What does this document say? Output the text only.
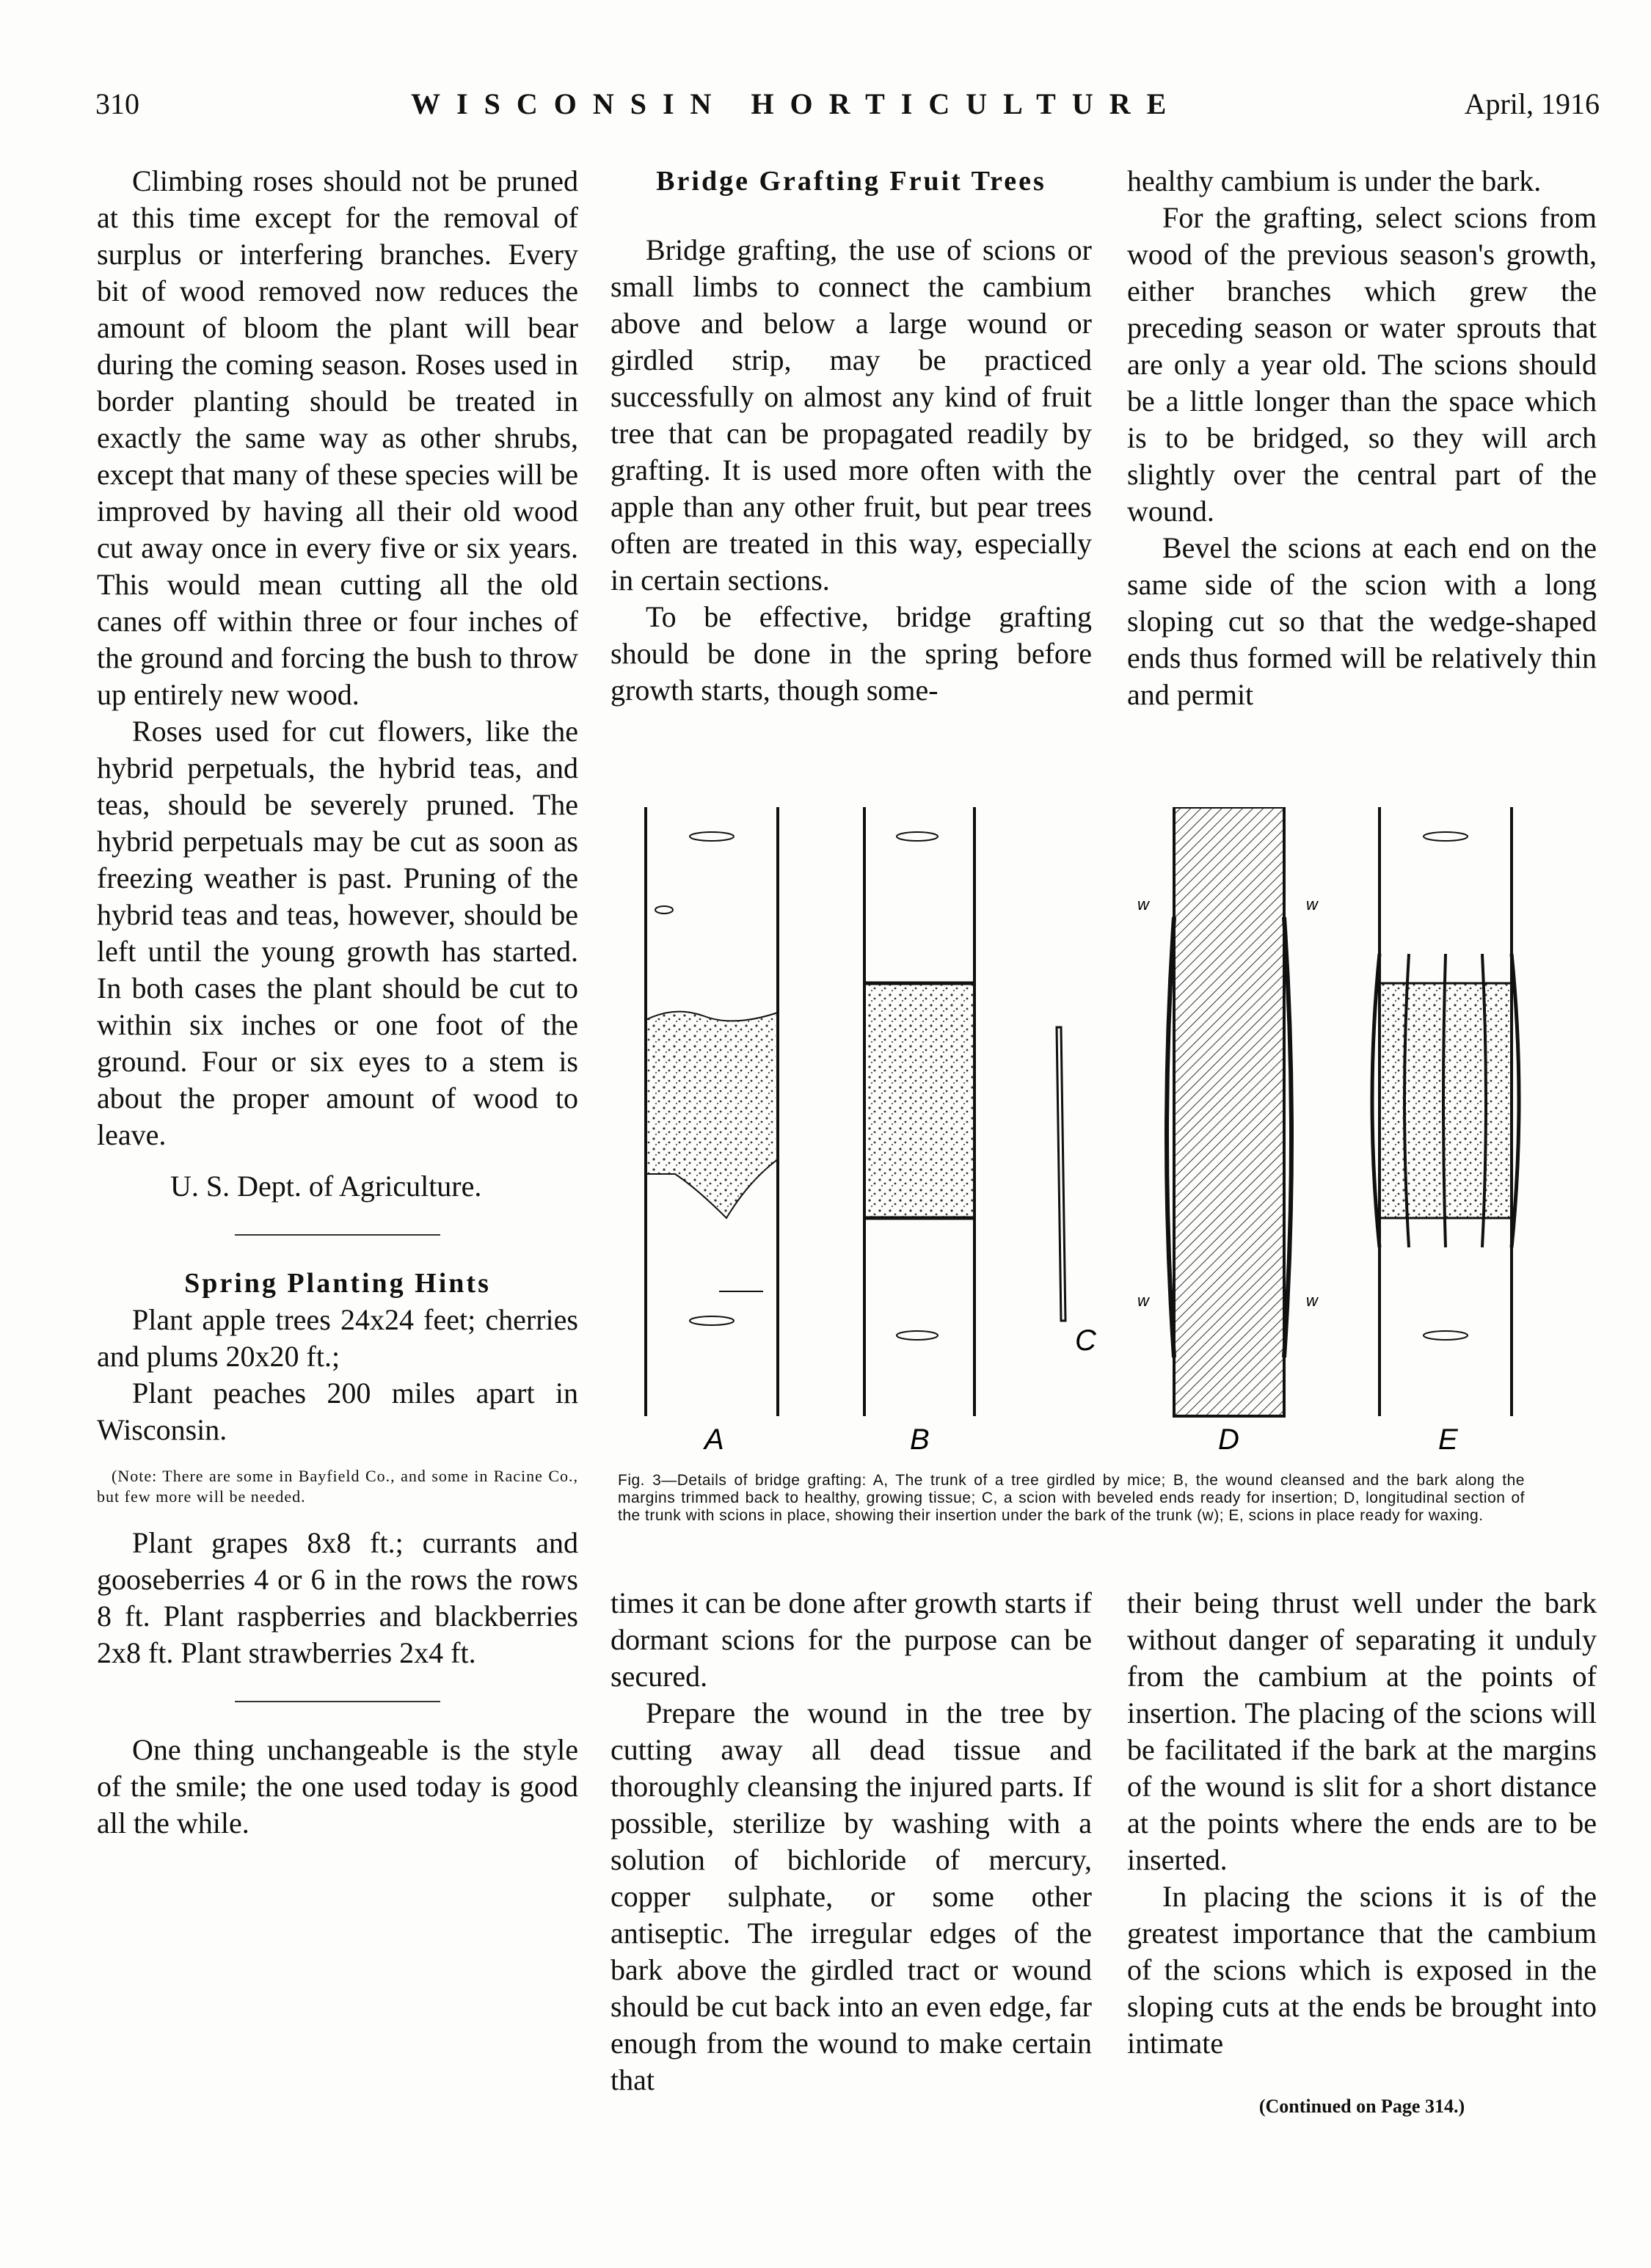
310	WISCONSIN HORTICULTURE	April, 1916

Climbing roses should not be pruned at this time except for the removal of surplus or interfering branches. Every bit of wood removed now reduces the amount of bloom the plant will bear during the coming season. Roses used in border planting should be treated in exactly the same way as other shrubs, except that many of these species will be improved by having all their old wood cut away once in every five or six years. This would mean cutting all the old canes off within three or four inches of the ground and forcing the bush to throw up entirely new wood.

Roses used for cut flowers, like the hybrid perpetuals, the hybrid teas, and teas, should be severely pruned. The hybrid perpetuals may be cut as soon as freezing weather is past. Pruning of the hybrid teas and teas, however, should be left until the young growth has started. In both cases the plant should be cut to within six inches or one foot of the ground. Four or six eyes to a stem is about the proper amount of wood to leave.

U. S. Dept. of Agriculture.

Spring Planting Hints

Plant apple trees 24x24 feet; cherries and plums 20x20 ft.;

Plant peaches 200 miles apart in Wisconsin.

(Note: There are some in Bayfield Co., and some in Racine Co., but few more will be needed.

Plant grapes 8x8 ft.; currants and gooseberries 4 or 6 in the rows the rows 8 ft. Plant raspberries and blackberries 2x8 ft. Plant strawberries 2x4 ft.

One thing unchangeable is the style of the smile; the one used today is good all the while.

Bridge Grafting Fruit Trees

Bridge grafting, the use of scions or small limbs to connect the cambium above and below a large wound or girdled strip, may be practiced successfully on almost any kind of fruit tree that can be propagated readily by grafting. It is used more often with the apple than any other fruit, but pear trees often are treated in this way, especially in certain sections.

To be effective, bridge grafting should be done in the spring before growth starts, though some-

healthy cambium is under the bark.

For the grafting, select scions from wood of the previous season's growth, either branches which grew the preceding season or water sprouts that are only a year old. The scions should be a little longer than the space which is to be bridged, so they will arch slightly over the central part of the wound.

Bevel the scions at each end on the same side of the scion with a long sloping cut so that the wedge-shaped ends thus formed will be relatively thin and permit

A	B
C
D	E
w	w
w	w
Fig. 3—Details of bridge grafting: A, The trunk of a tree girdled by mice; B, the wound cleansed and the bark along the margins trimmed back to healthy, growing tissue; C, a scion with beveled ends ready for insertion; D, longitudinal section of the trunk with scions in place, showing their insertion under the bark of the trunk (w); E, scions in place ready for waxing.

times it can be done after growth starts if dormant scions for the purpose can be secured.

Prepare the wound in the tree by cutting away all dead tissue and thoroughly cleansing the injured parts. If possible, sterilize by washing with a solution of bichloride of mercury, copper sulphate, or some other antiseptic. The irregular edges of the bark above the girdled tract or wound should be cut back into an even edge, far enough from the wound to make certain that

their being thrust well under the bark without danger of separating it unduly from the cambium at the points of insertion. The placing of the scions will be facilitated if the bark at the margins of the wound is slit for a short distance at the points where the ends are to be inserted.

In placing the scions it is of the greatest importance that the cambium of the scions which is exposed in the sloping cuts at the ends be brought into intimate

(Continued on Page 314.)
